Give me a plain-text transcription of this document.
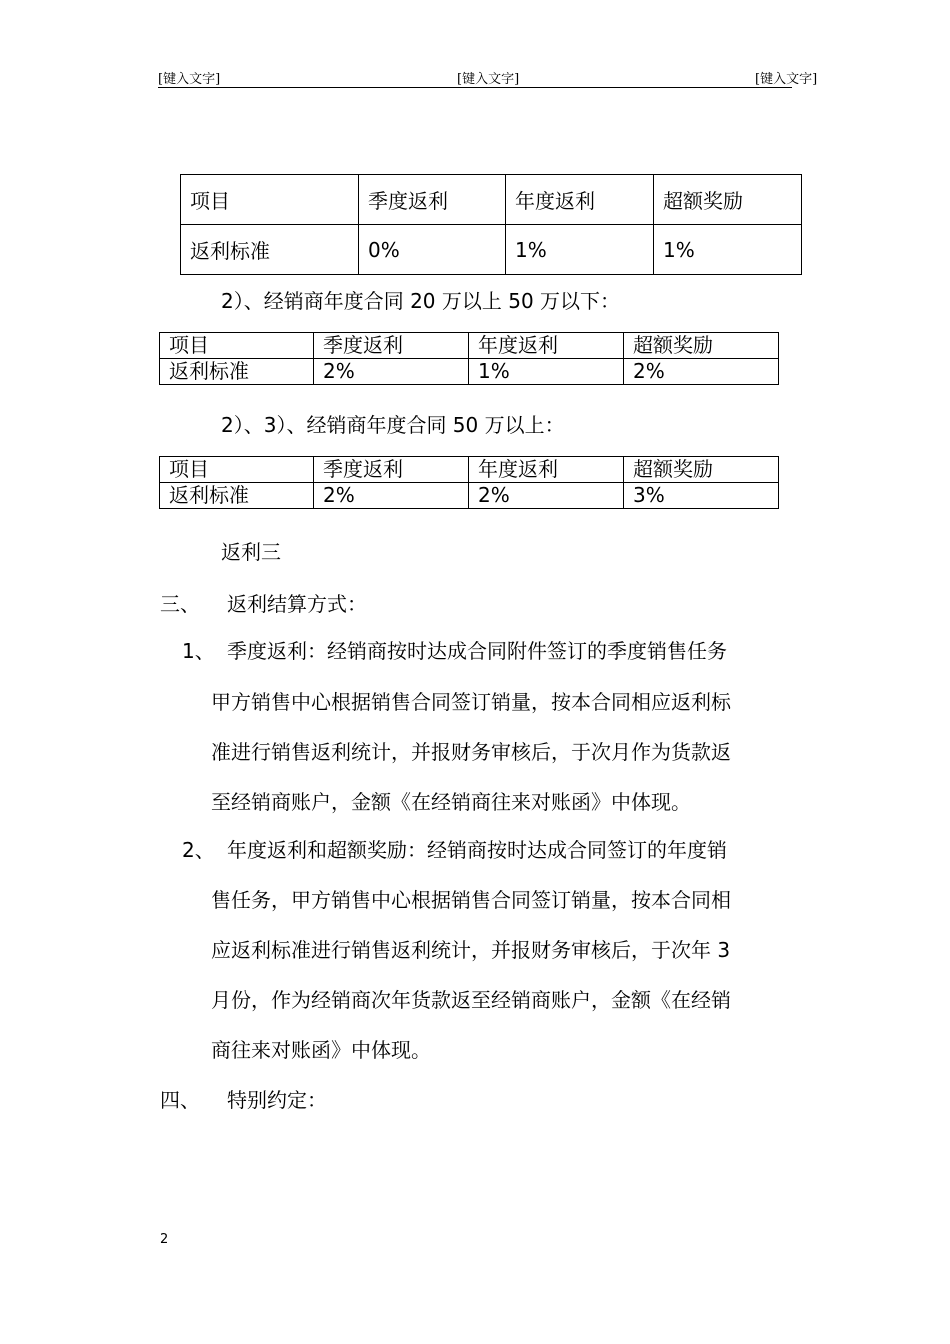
[键入文字]	[键入文字]	[键入文字]
项目	季度返利	年度返利	超额奖励
返利标准	0%	1%	1%
2）、经销商年度合同 20 万以上 50 万以下：
项目	季度返利	年度返利	超额奖励
返利标准	2%	1%	2%
2）、3）、经销商年度合同 50 万以上：
项目	季度返利	年度返利	超额奖励
返利标准	2%	2%	3%
返利三
三、 返利结算方式：
1、 季度返利：经销商按时达成合同附件签订的季度销售任务
甲方销售中心根据销售合同签订销量，按本合同相应返利标
准进行销售返利统计，并报财务审核后，于次月作为货款返
至经销商账户，金额《在经销商往来对账函》中体现。
2、 年度返利和超额奖励：经销商按时达成合同签订的年度销
售任务，甲方销售中心根据销售合同签订销量，按本合同相
应返利标准进行销售返利统计，并报财务审核后，于次年 3
月份，作为经销商次年货款返至经销商账户，金额《在经销
商往来对账函》中体现。
四、 特别约定：
2
